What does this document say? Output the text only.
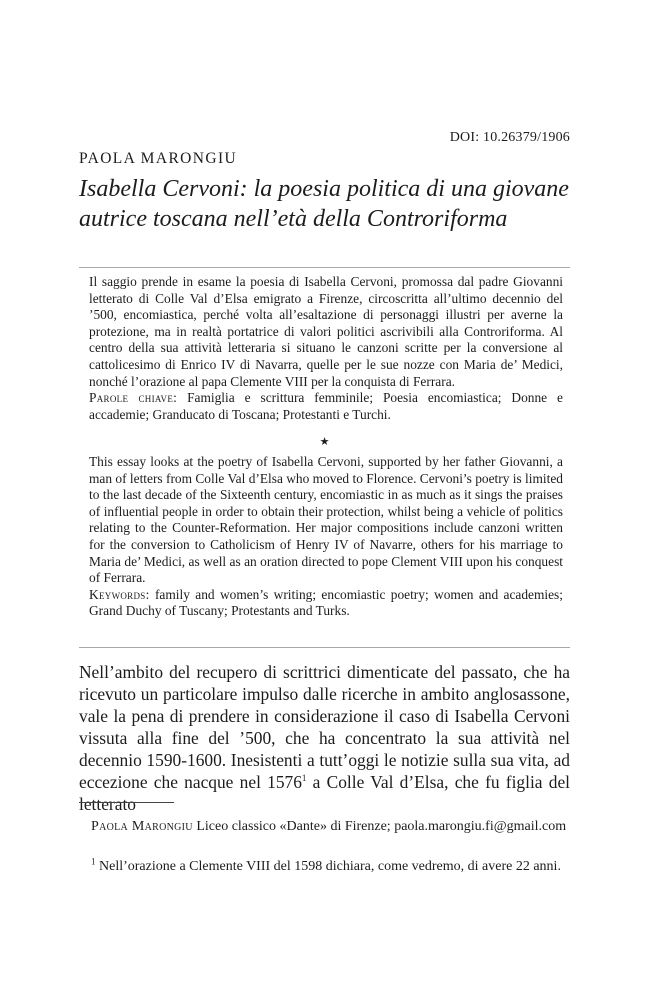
DOI: 10.26379/1906
PAOLA MARONGIU
Isabella Cervoni: la poesia politica di una giovane autrice toscana nell’età della Controriforma
Il saggio prende in esame la poesia di Isabella Cervoni, promossa dal padre Giovanni letterato di Colle Val d’Elsa emigrato a Firenze, circoscritta all’ultimo decennio del ’500, encomiastica, perché volta all’esaltazione di personaggi illustri per averne la protezione, ma in realtà portatrice di valori politici ascrivibili alla Controriforma. Al centro della sua attività letteraria si situano le canzoni scritte per la conversione al cattolicesimo di Enrico IV di Navarra, quelle per le sue nozze con Maria de’ Medici, nonché l’orazione al papa Clemente VIII per la conquista di Ferrara.
Parole chiave: Famiglia e scrittura femminile; Poesia encomiastica; Donne e accademie; Granducato di Toscana; Protestanti e Turchi.
★
This essay looks at the poetry of Isabella Cervoni, supported by her father Giovanni, a man of letters from Colle Val d’Elsa who moved to Florence. Cervoni’s poetry is limited to the last decade of the Sixteenth century, encomiastic in as much as it sings the praises of influential people in order to obtain their protection, whilst being a vehicle of politics relating to the Counter-Reformation. Her major compositions include canzoni written for the conversion to Catholicism of Henry IV of Navarre, others for his marriage to Maria de’ Medici, as well as an oration directed to pope Clement VIII upon his conquest of Ferrara.
Keywords: family and women’s writing; encomiastic poetry; women and academies; Grand Duchy of Tuscany; Protestants and Turks.

Nell’ambito del recupero di scrittrici dimenticate del passato, che ha ricevuto un particolare impulso dalle ricerche in ambito anglosassone, vale la pena di prendere in considerazione il caso di Isabella Cervoni vissuta alla fine del ’500, che ha concentrato la sua attività nel decennio 1590-1600. Inesistenti a tutt’oggi le notizie sulla sua vita, ad eccezione che nacque nel 1576$^1$ a Colle Val d’Elsa, che fu figlia del letterato

Paola Marongiu Liceo classico «Dante» di Firenze; paola.marongiu.fi@gmail.com
$^1$ Nell’orazione a Clemente VIII del 1598 dichiara, come vedremo, di avere 22 anni.
